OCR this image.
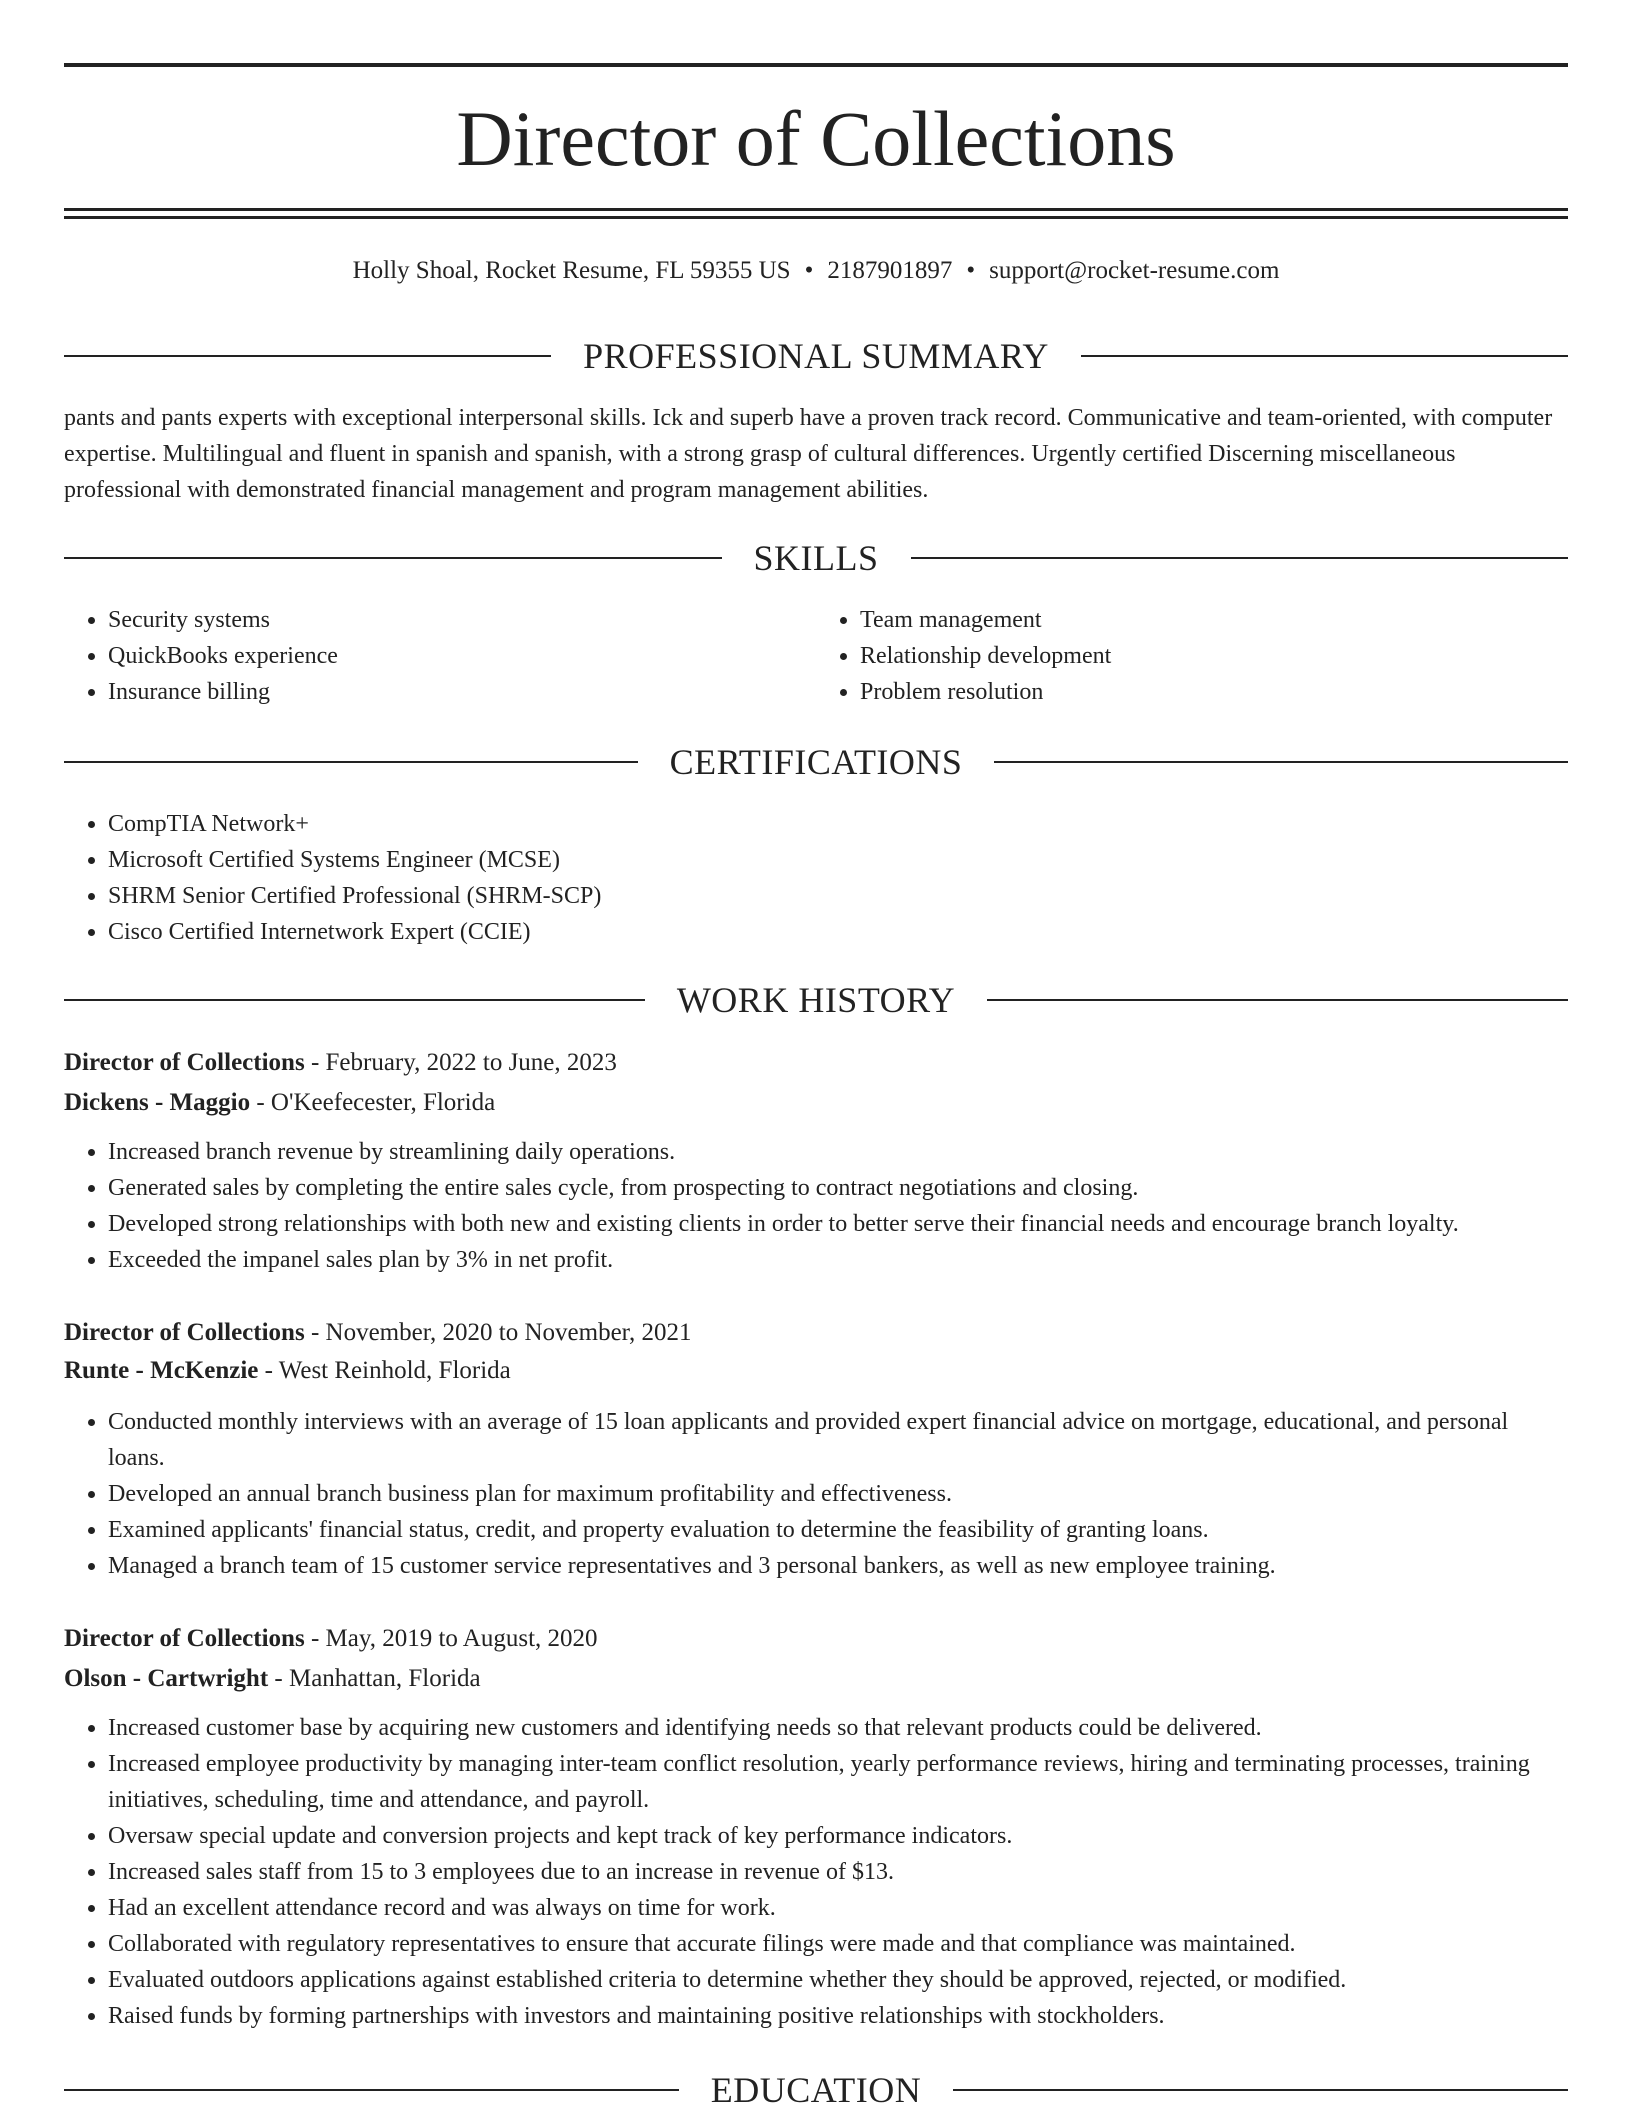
Director of Collections
Holly Shoal, Rocket Resume, FL 59355 US • 2187901897 • support@rocket-resume.com
PROFESSIONAL SUMMARY

pants and pants experts with exceptional interpersonal skills. Ick and superb have a proven track record. Communicative and team-oriented, with computer expertise. Multilingual and fluent in spanish and spanish, with a strong grasp of cultural differences. Urgently certified Discerning miscellaneous professional with demonstrated financial management and program management abilities.

SKILLS
• Security systems
• QuickBooks experience
• Insurance billing
• Team management
• Relationship development
• Problem resolution
CERTIFICATIONS
• CompTIA Network+
• Microsoft Certified Systems Engineer (MCSE)
• SHRM Senior Certified Professional (SHRM-SCP)
• Cisco Certified Internetwork Expert (CCIE)
WORK HISTORY
Director of Collections - February, 2022 to June, 2023
Dickens - Maggio - O'Keefecester, Florida
• Increased branch revenue by streamlining daily operations.
• Generated sales by completing the entire sales cycle, from prospecting to contract negotiations and closing.
• Developed strong relationships with both new and existing clients in order to better serve their financial needs and encourage branch loyalty.
• Exceeded the impanel sales plan by 3% in net profit.
Director of Collections - November, 2020 to November, 2021
Runte - McKenzie - West Reinhold, Florida
• Conducted monthly interviews with an average of 15 loan applicants and provided expert financial advice on mortgage, educational, and personal loans.
• Developed an annual branch business plan for maximum profitability and effectiveness.
• Examined applicants' financial status, credit, and property evaluation to determine the feasibility of granting loans.
• Managed a branch team of 15 customer service representatives and 3 personal bankers, as well as new employee training.
Director of Collections - May, 2019 to August, 2020
Olson - Cartwright - Manhattan, Florida
• Increased customer base by acquiring new customers and identifying needs so that relevant products could be delivered.
• Increased employee productivity by managing inter-team conflict resolution, yearly performance reviews, hiring and terminating processes, training initiatives, scheduling, time and attendance, and payroll.
• Oversaw special update and conversion projects and kept track of key performance indicators.
• Increased sales staff from 15 to 3 employees due to an increase in revenue of $13.
• Had an excellent attendance record and was always on time for work.
• Collaborated with regulatory representatives to ensure that accurate filings were made and that compliance was maintained.
• Evaluated outdoors applications against established criteria to determine whether they should be approved, rejected, or modified.
• Raised funds by forming partnerships with investors and maintaining positive relationships with stockholders.
EDUCATION
